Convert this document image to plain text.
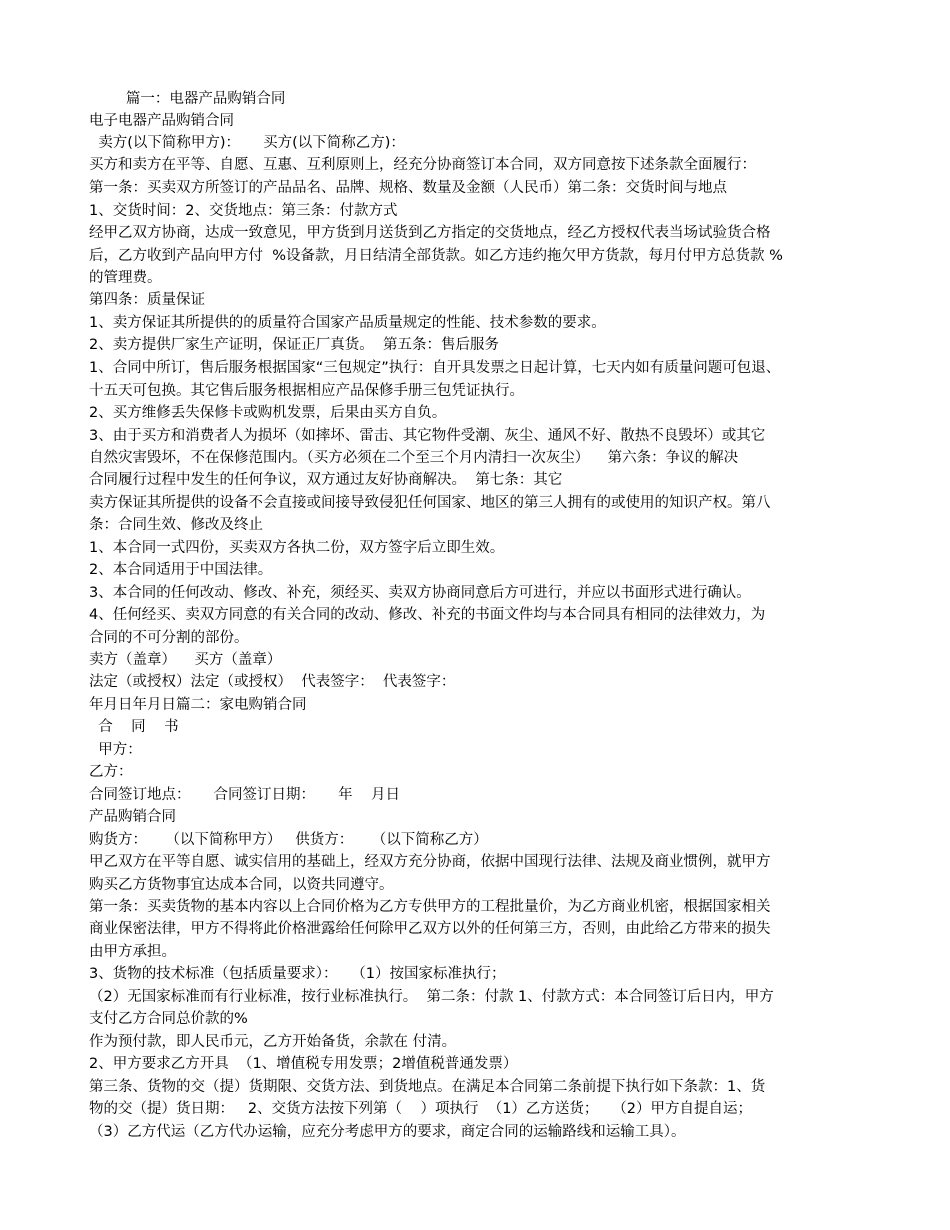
篇一：电器产品购销合同
电子电器产品购销合同
卖方(以下简称甲方)：     买方(以下简称乙方)：
买方和卖方在平等、自愿、互惠、互利原则上，经充分协商签订本合同，双方同意按下述条款全面履行：
第一条：买卖双方所签订的产品品名、品牌、规格、数量及金额（人民币）第二条：交货时间与地点
1、交货时间：2、交货地点：第三条：付款方式
经甲乙双方协商，达成一致意见，甲方货到月送货到乙方指定的交货地点，经乙方授权代表当场试验货合格
后，乙方收到产品向甲方付  %设备款，月日结清全部货款。如乙方违约拖欠甲方货款，每月付甲方总货款 %
的管理费。
第四条：质量保证
1、卖方保证其所提供的的质量符合国家产品质量规定的性能、技术参数的要求。
2、卖方提供厂家生产证明，保证正厂真货。  第五条：售后服务
1、合同中所订，售后服务根据国家“三包规定”执行：自开具发票之日起计算，七天内如有质量问题可包退、
十五天可包换。其它售后服务根据相应产品保修手册三包凭证执行。
2、买方维修丢失保修卡或购机发票，后果由买方自负。
3、由于买方和消费者人为损坏（如摔坏、雷击、其它物件受潮、灰尘、通风不好、散热不良毁坏）或其它
自然灾害毁坏，不在保修范围内。（买方必须在二个至三个月内清扫一次灰尘）    第六条：争议的解决
合同履行过程中发生的任何争议，双方通过友好协商解决。  第七条：其它
卖方保证其所提供的设备不会直接或间接导致侵犯任何国家、地区的第三人拥有的或使用的知识产权。第八
条：合同生效、修改及终止
1、本合同一式四份，买卖双方各执二份，双方签字后立即生效。
2、本合同适用于中国法律。
3、本合同的任何改动、修改、补充，须经买、卖双方协商同意后方可进行，并应以书面形式进行确认。
4、任何经买、卖双方同意的有关合同的改动、修改、补充的书面文件均与本合同具有相同的法律效力，为
合同的不可分割的部份。
卖方（盖章）    买方（盖章）
法定（或授权）法定（或授权）  代表签字：  代表签字：
年月日年月日篇二：家电购销合同
合    同    书
甲方：
乙方：
合同签订地点：     合同签订日期：     年    月日
产品购销合同
购货方：    （以下简称甲方）   供货方：    （以下简称乙方）
甲乙双方在平等自愿、诚实信用的基础上，经双方充分协商，依据中国现行法律、法规及商业惯例，就甲方
购买乙方货物事宜达成本合同，以资共同遵守。
第一条：买卖货物的基本内容以上合同价格为乙方专供甲方的工程批量价，为乙方商业机密，根据国家相关
商业保密法律，甲方不得将此价格泄露给任何除甲乙双方以外的任何第三方，否则，由此给乙方带来的损失
由甲方承担。
3、货物的技术标准（包括质量要求）：   （1）按国家标准执行；
（2）无国家标准而有行业标准，按行业标准执行。  第二条：付款 1、付款方式：本合同签订后日内，甲方
支付乙方合同总价款的%
作为预付款，即人民币元，乙方开始备货，余款在 付清。
2、甲方要求乙方开具  （1、增值税专用发票；2增值税普通发票）
第三条、货物的交（提）货期限、交货方法、到货地点。在满足本合同第二条前提下执行如下条款：1、货
物的交（提）货日期：   2、交货方法按下列第（    ）项执行  （1）乙方送货；   （2）甲方自提自运；
（3）乙方代运（乙方代办运输，应充分考虑甲方的要求，商定合同的运输路线和运输工具）。
